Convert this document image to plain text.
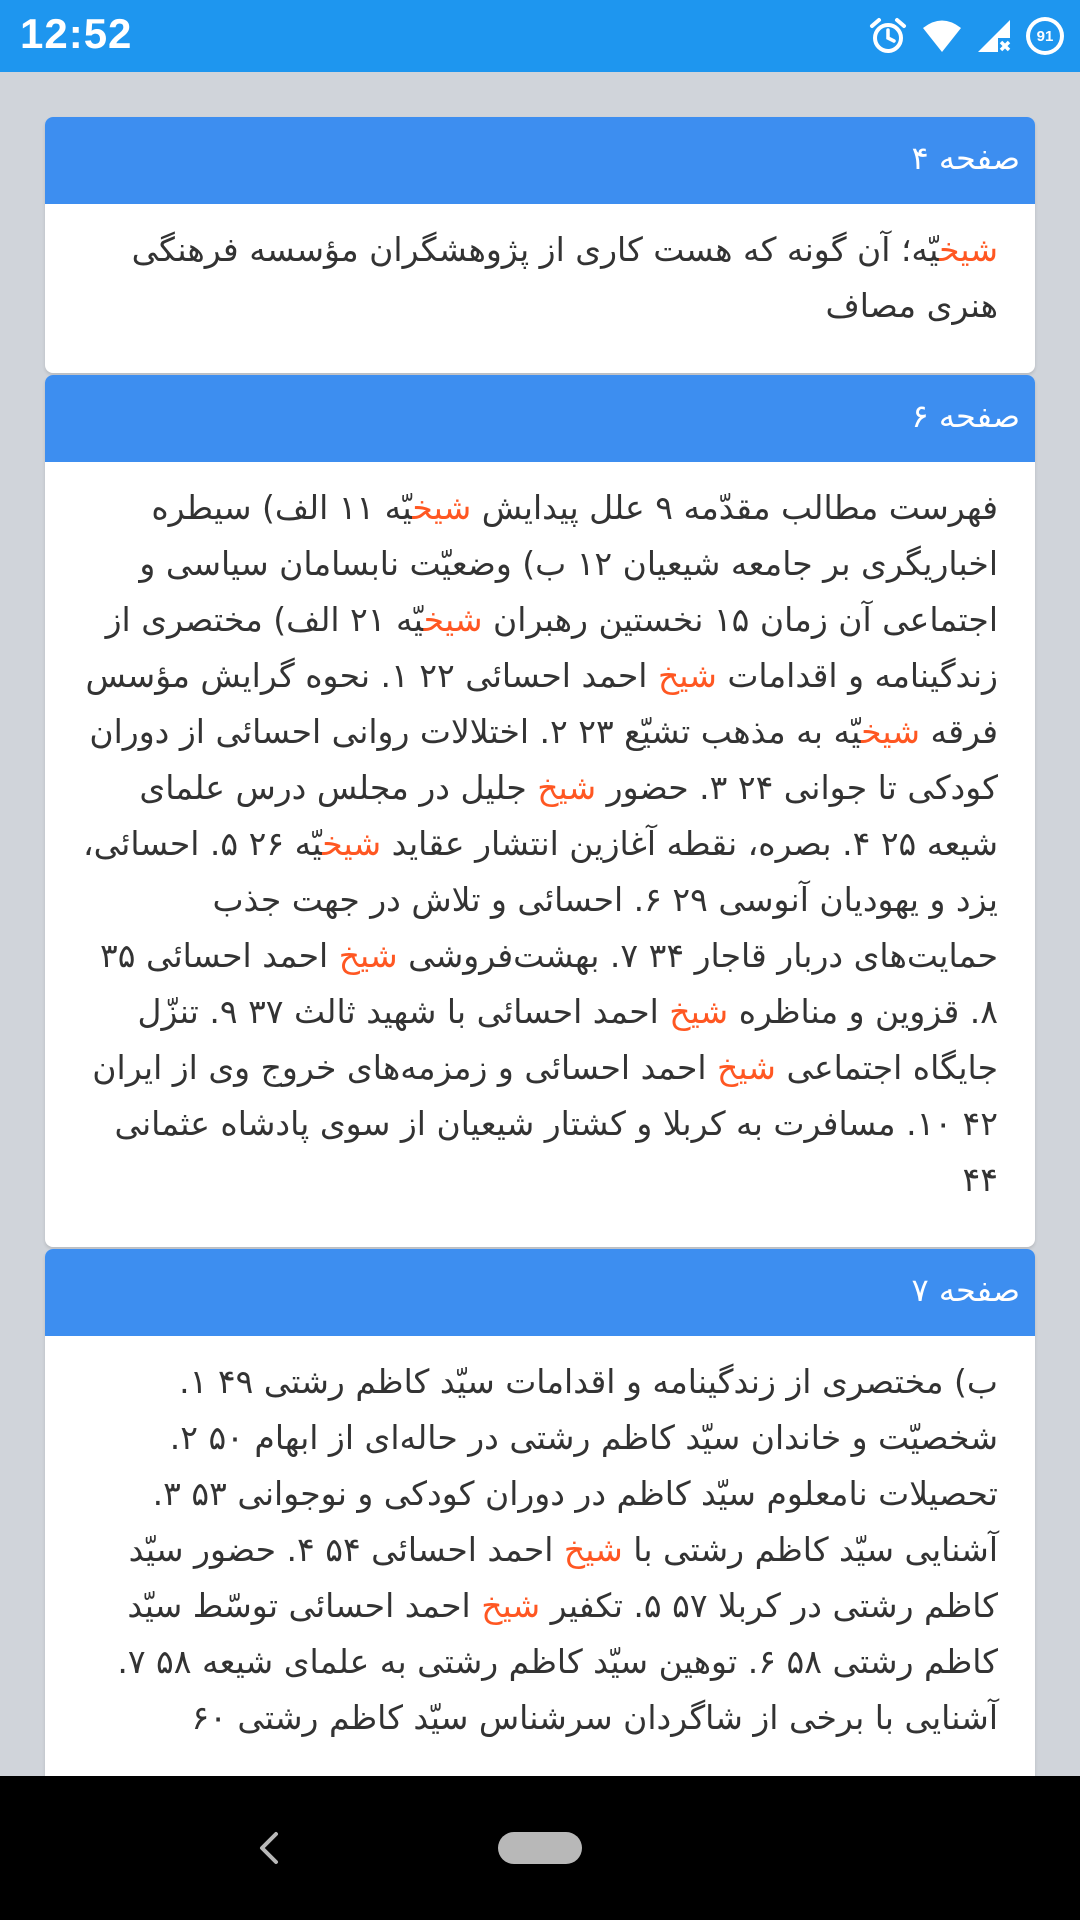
12:52	91
صفحه ۴
شیخیّه؛ آن گونه که هست کاری از پژوهشگران مؤسسه فرهنگی هنری مصاف
صفحه ۶
فهرست مطالب مقدّمه ۹ علل پیدایش شیخیّه ۱۱ الف) سیطره اخباریگری بر جامعه شیعیان ۱۲ ب) وضعیّت نابسامان سیاسی و اجتماعی آن زمان ۱۵ نخستین رهبران شیخیّه ۲۱ الف) مختصری از زندگینامه و اقدامات شیخ احمد احسائی ۲۲ ۱. نحوه گرایش مؤسس فرقه شیخیّه به مذهب تشیّع ۲۳ ۲. اختلالات روانی احسائی از دوران کودکی تا جوانی ۲۴ ۳. حضور شیخ جلیل در مجلس درس علمای شیعه ۲۵ ۴. بصره، نقطه آغازین انتشار عقاید شیخیّه ۲۶ ۵. احسائی، یزد و یهودیان آنوسی ۲۹ ۶. احسائی و تلاش در جهت جذب حمایت‌های دربار قاجار ۳۴ ۷. بهشت‌فروشی شیخ احمد احسائی ۳۵ ۸. قزوین و مناظره شیخ احمد احسائی با شهید ثالث ۳۷ ۹. تنزّل جایگاه اجتماعی شیخ احمد احسائی و زمزمه‌های خروج وی از ایران ۴۲ ۱۰. مسافرت به کربلا و کشتار شیعیان از سوی پادشاه عثمانی ۴۴
صفحه ۷
ب) مختصری از زندگینامه و اقدامات سیّد کاظم رشتی ۴۹ ۱. شخصیّت و خاندان سیّد کاظم رشتی در حاله‌ای از ابهام ۵۰ ۲. تحصیلات نامعلوم سیّد کاظم در دوران کودکی و نوجوانی ۵۳ ۳. آشنایی سیّد کاظم رشتی با شیخ احمد احسائی ۵۴ ۴. حضور سیّد کاظم رشتی در کربلا ۵۷ ۵. تکفیر شیخ احمد احسائی توسّط سیّد کاظم رشتی ۵۸ ۶. توهین سیّد کاظم رشتی به علمای شیعه ۵۸ ۷. آشنایی با برخی از شاگردان سرشناس سیّد کاظم رشتی ۶۰
